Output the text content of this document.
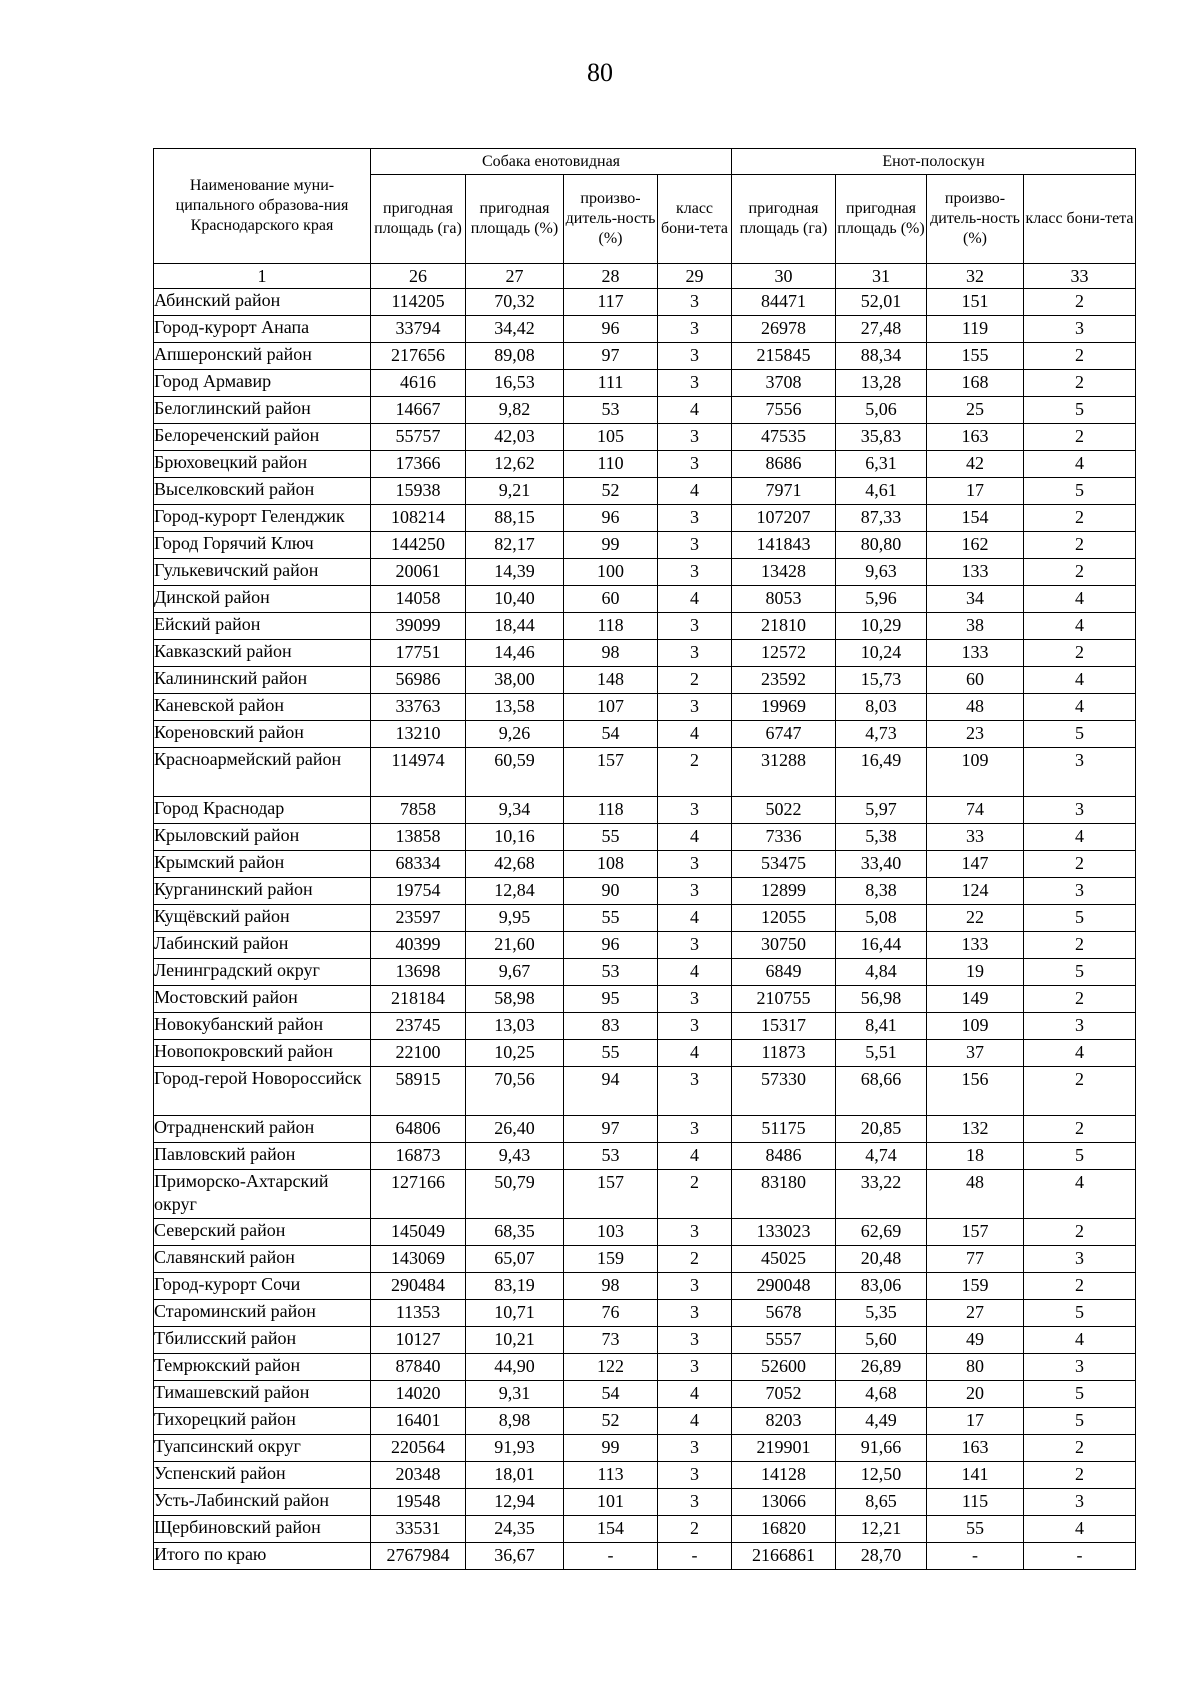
80
Наименование муни-ципального образова-ния Краснодарского края	Собака енотовидная				Енот-полоскун			
	пригодная площадь (га)	пригодная площадь (%)	произво-дитель-ность (%)	класс бони-тета	пригодная площадь (га)	пригодная площадь (%)	произво-дитель-ность (%)	класс бони-тета
1	26	27	28	29	30	31	32	33
Абинский район	114205	70,32	117	3	84471	52,01	151	2
Город-курорт Анапа	33794	34,42	96	3	26978	27,48	119	3
Апшеронский район	217656	89,08	97	3	215845	88,34	155	2
Город Армавир	4616	16,53	111	3	3708	13,28	168	2
Белоглинский район	14667	9,82	53	4	7556	5,06	25	5
Белореченский район	55757	42,03	105	3	47535	35,83	163	2
Брюховецкий район	17366	12,62	110	3	8686	6,31	42	4
Выселковский район	15938	9,21	52	4	7971	4,61	17	5
Город-курорт Геленджик	108214	88,15	96	3	107207	87,33	154	2
Город Горячий Ключ	144250	82,17	99	3	141843	80,80	162	2
Гулькевичский район	20061	14,39	100	3	13428	9,63	133	2
Динской район	14058	10,40	60	4	8053	5,96	34	4
Ейский район	39099	18,44	118	3	21810	10,29	38	4
Кавказский район	17751	14,46	98	3	12572	10,24	133	2
Калининский район	56986	38,00	148	2	23592	15,73	60	4
Каневской район	33763	13,58	107	3	19969	8,03	48	4
Кореновский район	13210	9,26	54	4	6747	4,73	23	5
Красноармейский район	114974	60,59	157	2	31288	16,49	109	3
Город Краснодар	7858	9,34	118	3	5022	5,97	74	3
Крыловский район	13858	10,16	55	4	7336	5,38	33	4
Крымский район	68334	42,68	108	3	53475	33,40	147	2
Курганинский район	19754	12,84	90	3	12899	8,38	124	3
Кущёвский район	23597	9,95	55	4	12055	5,08	22	5
Лабинский район	40399	21,60	96	3	30750	16,44	133	2
Ленинградский округ	13698	9,67	53	4	6849	4,84	19	5
Мостовский район	218184	58,98	95	3	210755	56,98	149	2
Новокубанский район	23745	13,03	83	3	15317	8,41	109	3
Новопокровский район	22100	10,25	55	4	11873	5,51	37	4
Город-герой Новороссийск	58915	70,56	94	3	57330	68,66	156	2
Отрадненский район	64806	26,40	97	3	51175	20,85	132	2
Павловский район	16873	9,43	53	4	8486	4,74	18	5
Приморско-Ахтарский округ	127166	50,79	157	2	83180	33,22	48	4
Северский район	145049	68,35	103	3	133023	62,69	157	2
Славянский район	143069	65,07	159	2	45025	20,48	77	3
Город-курорт Сочи	290484	83,19	98	3	290048	83,06	159	2
Староминский район	11353	10,71	76	3	5678	5,35	27	5
Тбилисский район	10127	10,21	73	3	5557	5,60	49	4
Темрюкский район	87840	44,90	122	3	52600	26,89	80	3
Тимашевский район	14020	9,31	54	4	7052	4,68	20	5
Тихорецкий район	16401	8,98	52	4	8203	4,49	17	5
Туапсинский округ	220564	91,93	99	3	219901	91,66	163	2
Успенский район	20348	18,01	113	3	14128	12,50	141	2
Усть-Лабинский район	19548	12,94	101	3	13066	8,65	115	3
Щербиновский район	33531	24,35	154	2	16820	12,21	55	4
Итого по краю	2767984	36,67	-	-	2166861	28,70	-	-
